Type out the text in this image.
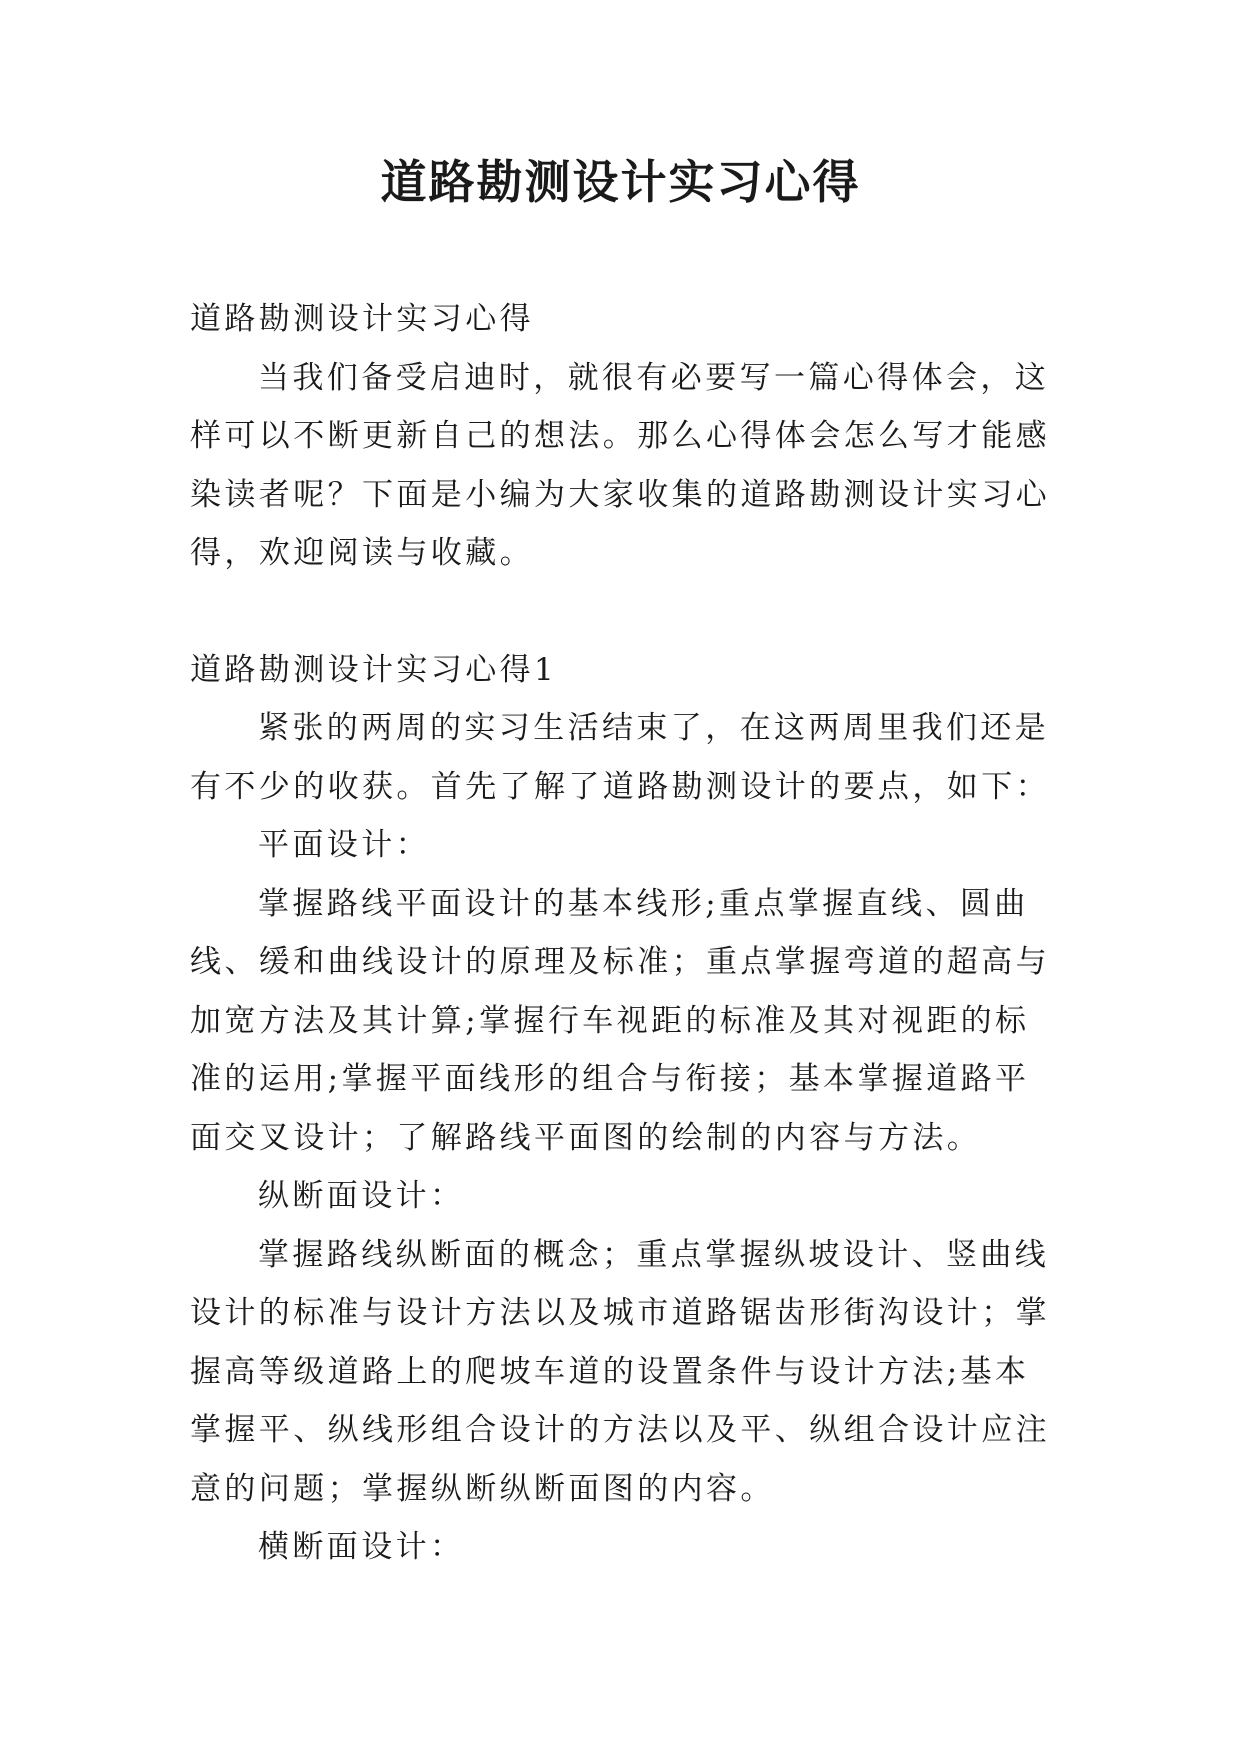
道路勘测设计实习心得

道路勘测设计实习心得

当我们备受启迪时，就很有必要写一篇心得体会，这样可以不断更新自己的想法。那么心得体会怎么写才能感染读者呢？下面是小编为大家收集的道路勘测设计实习心得，欢迎阅读与收藏。

道路勘测设计实习心得1

紧张的两周的实习生活结束了，在这两周里我们还是有不少的收获。首先了解了道路勘测设计的要点，如下：

平面设计：

掌握路线平面设计的基本线形;重点掌握直线、圆曲线、缓和曲线设计的原理及标准；重点掌握弯道的超高与加宽方法及其计算;掌握行车视距的标准及其对视距的标准的运用;掌握平面线形的组合与衔接；基本掌握道路平面交叉设计；了解路线平面图的绘制的内容与方法。

纵断面设计：

掌握路线纵断面的概念；重点掌握纵坡设计、竖曲线设计的标准与设计方法以及城市道路锯齿形街沟设计；掌握高等级道路上的爬坡车道的设置条件与设计方法;基本掌握平、纵线形组合设计的方法以及平、纵组合设计应注意的问题；掌握纵断纵断面图的内容。

横断面设计：
